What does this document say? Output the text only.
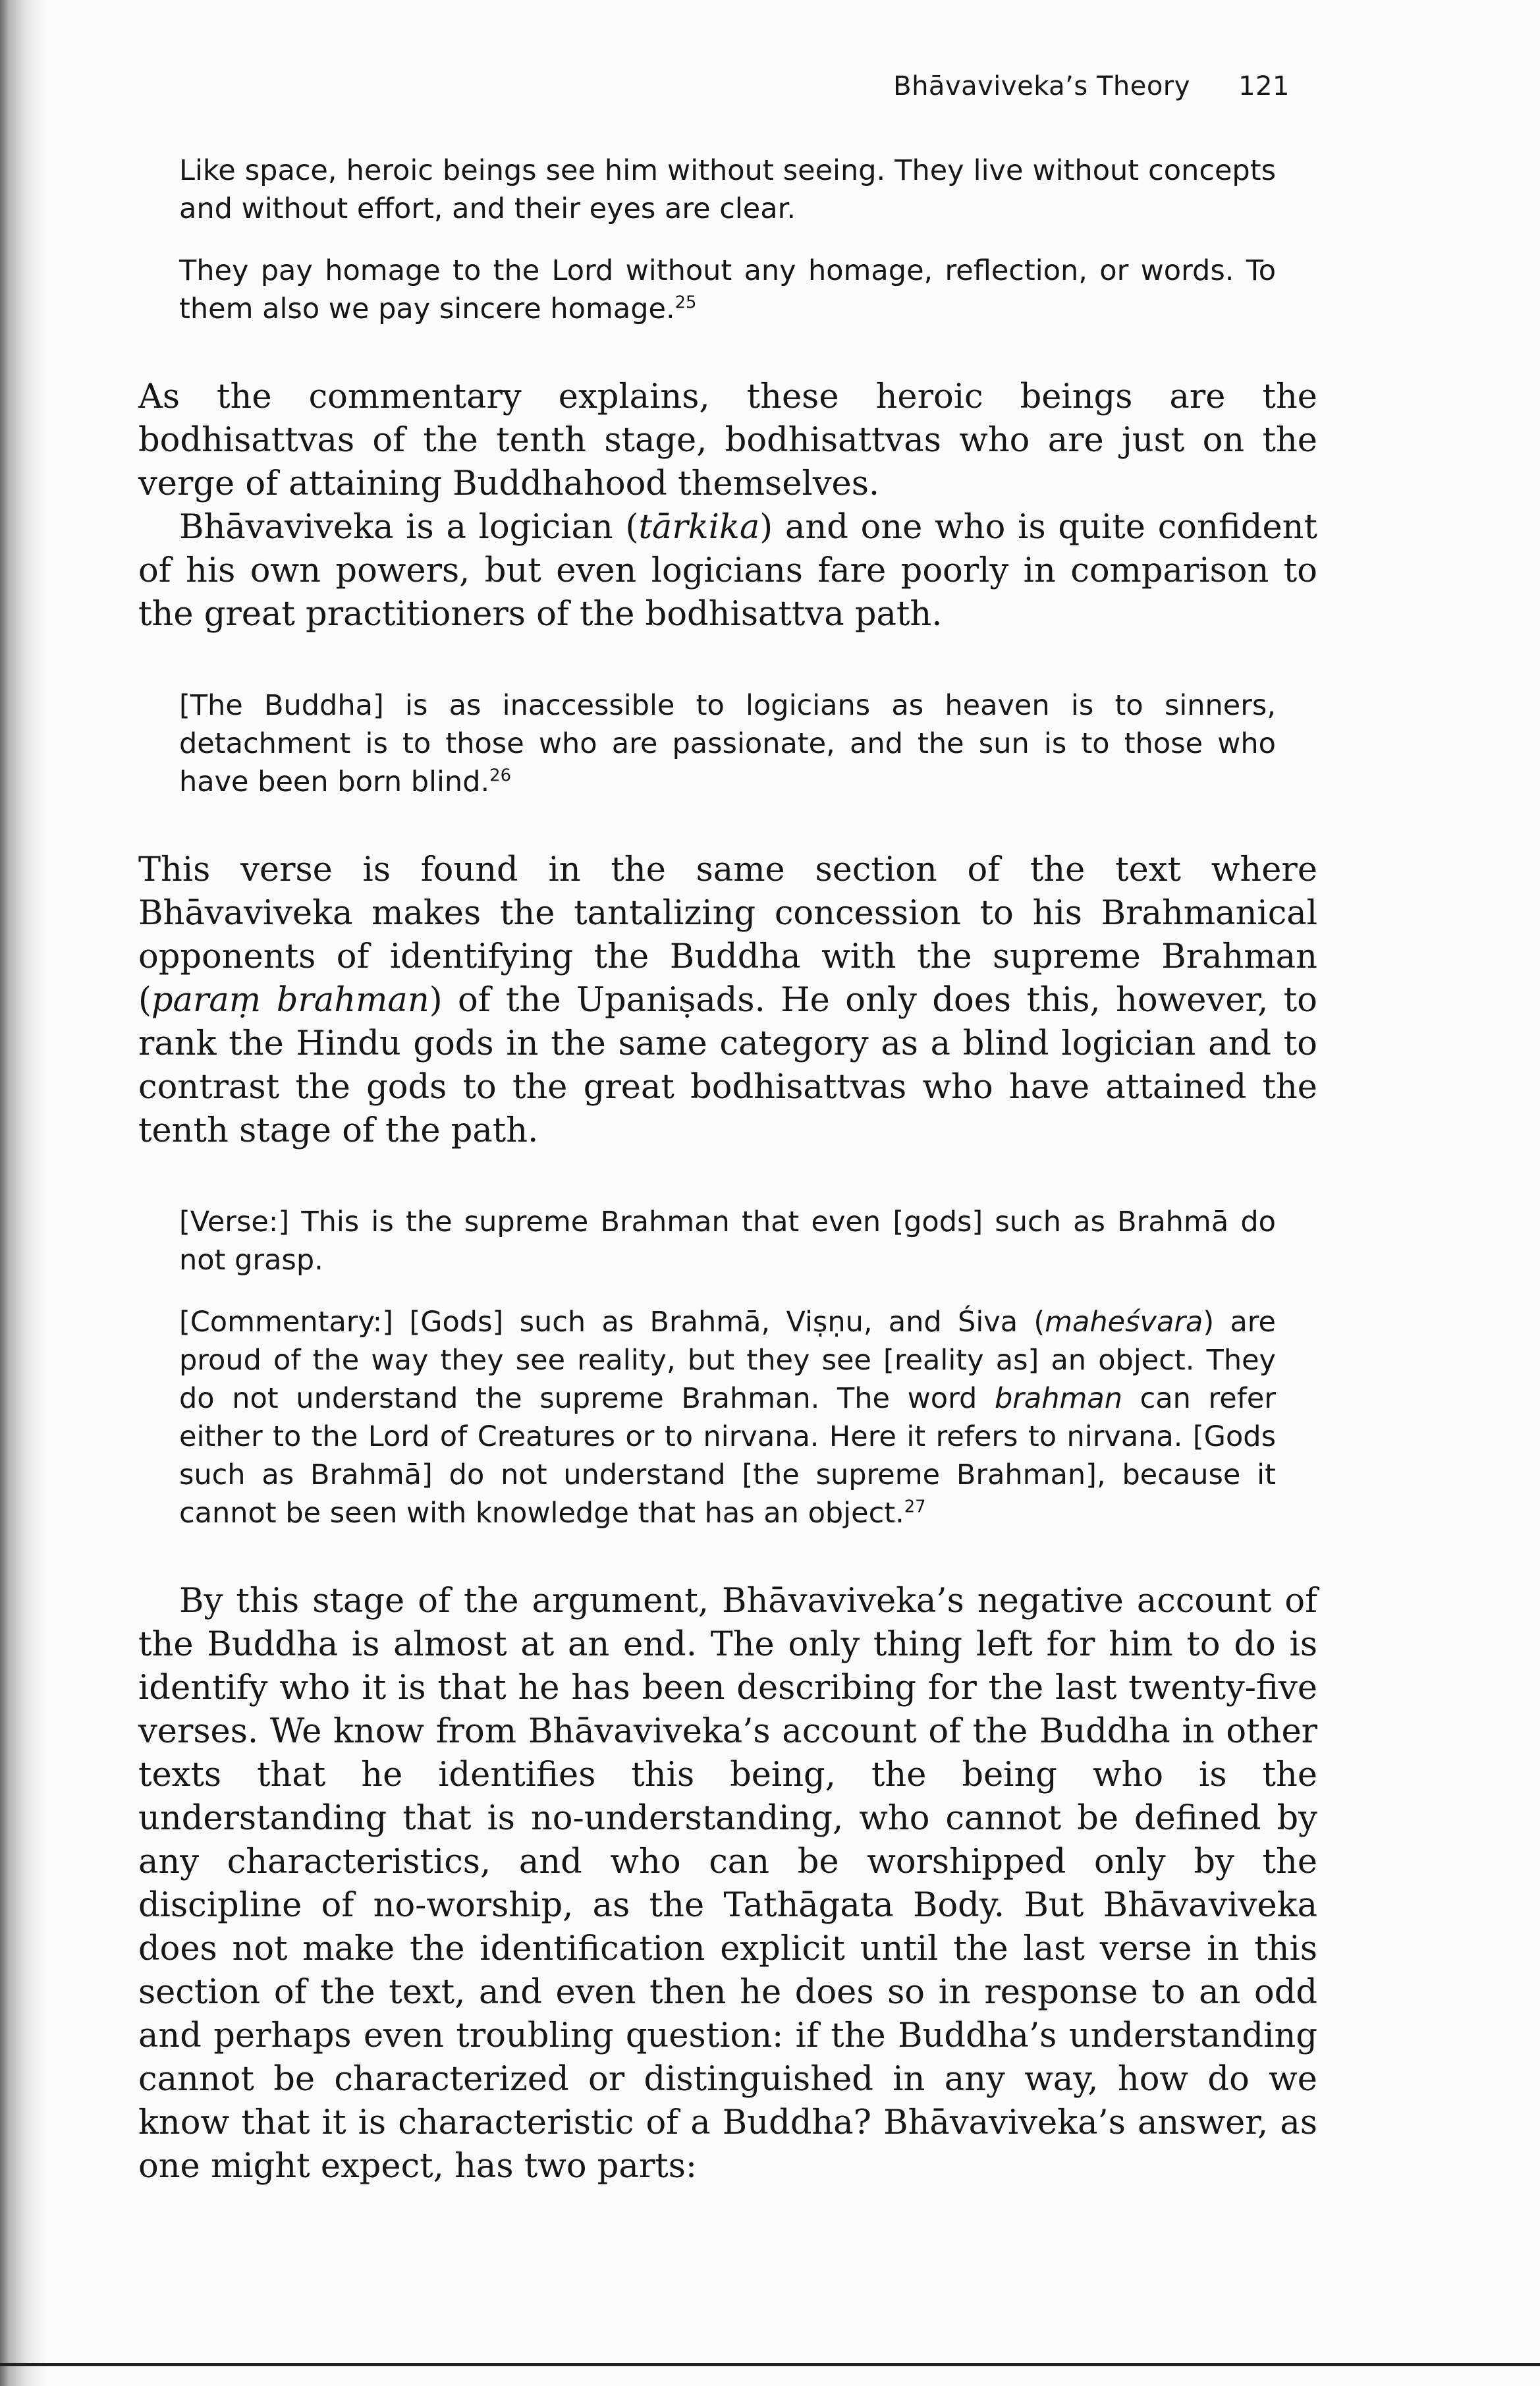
Bhāvaviveka’s Theory 121

Like space, heroic beings see him without seeing. They live without concepts and without effort, and their eyes are clear.

They pay homage to the Lord without any homage, reflection, or words. To them also we pay sincere homage.$^{25}$

As the commentary explains, these heroic beings are the bodhisattvas of the tenth stage, bodhisattvas who are just on the verge of attaining Buddhahood themselves.

Bhāvaviveka is a logician (tārkika) and one who is quite confident of his own powers, but even logicians fare poorly in comparison to the great practitioners of the bodhisattva path.

[The Buddha] is as inaccessible to logicians as heaven is to sinners, detachment is to those who are passionate, and the sun is to those who have been born blind.$^{26}$

This verse is found in the same section of the text where Bhāvaviveka makes the tantalizing concession to his Brahmanical opponents of identifying the Buddha with the supreme Brahman (paraṃ brahman) of the Upaniṣads. He only does this, however, to rank the Hindu gods in the same category as a blind logician and to contrast the gods to the great bodhisattvas who have attained the tenth stage of the path.

[Verse:] This is the supreme Brahman that even [gods] such as Brahmā do not grasp.

[Commentary:] [Gods] such as Brahmā, Viṣṇu, and Śiva (maheśvara) are proud of the way they see reality, but they see [reality as] an object. They do not understand the supreme Brahman. The word brahman can refer either to the Lord of Creatures or to nirvana. Here it refers to nirvana. [Gods such as Brahmā] do not understand [the supreme Brahman], because it cannot be seen with knowledge that has an object.$^{27}$

By this stage of the argument, Bhāvaviveka’s negative account of the Buddha is almost at an end. The only thing left for him to do is identify who it is that he has been describing for the last twenty-five verses. We know from Bhāvaviveka’s account of the Buddha in other texts that he identifies this being, the being who is the understanding that is no-understanding, who cannot be defined by any characteristics, and who can be worshipped only by the discipline of no-worship, as the Tathāgata Body. But Bhāvaviveka does not make the identification explicit until the last verse in this section of the text, and even then he does so in response to an odd and perhaps even troubling question: if the Buddha’s understanding cannot be characterized or distinguished in any way, how do we know that it is characteristic of a Buddha? Bhāvaviveka’s answer, as one might expect, has two parts:
